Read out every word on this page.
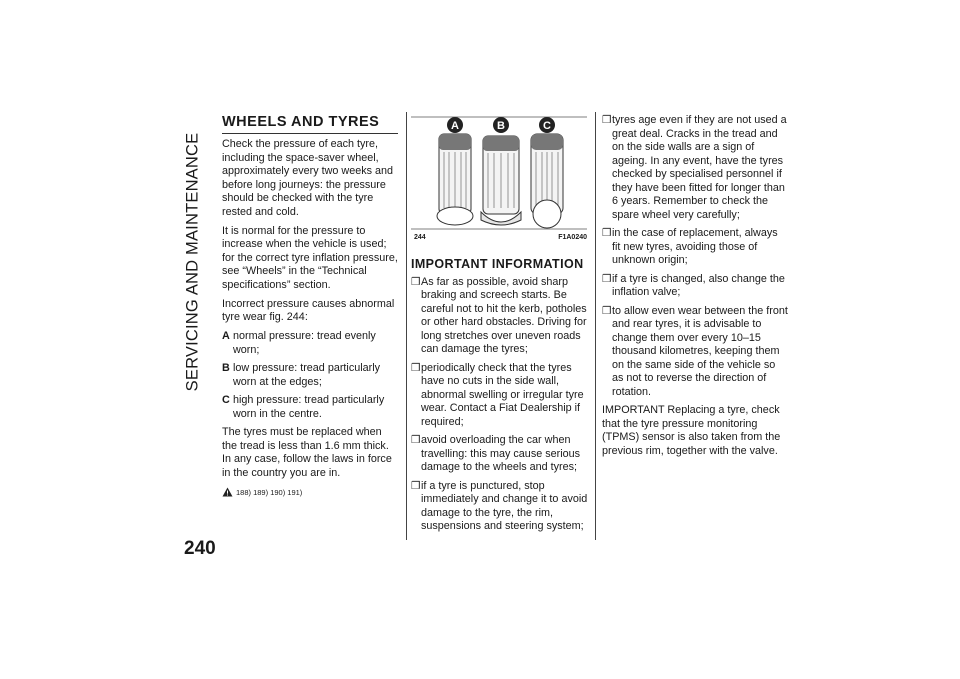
SERVICING AND MAINTENANCE
240
WHEELS AND TYRES

Check the pressure of each tyre, including the space-saver wheel, approximately every two weeks and before long journeys: the pressure should be checked with the tyre rested and cold.

It is normal for the pressure to increase when the vehicle is used; for the correct tyre inflation pressure, see “Wheels” in the “Technical specifications” section.

Incorrect pressure causes abnormal tyre wear fig. 244:

A normal pressure: tread evenly worn;
B low pressure: tread particularly worn at the edges;
C high pressure: tread particularly worn in the centre.

The tyres must be replaced when the tread is less than 1.6 mm thick. In any case, follow the laws in force in the country you are in.

188) 189) 190) 191)
A	B	C
244	F1A0240
IMPORTANT INFORMATION
❒ As far as possible, avoid sharp braking and screech starts. Be careful not to hit the kerb, potholes or other hard obstacles. Driving for long stretches over uneven roads can damage the tyres;
❒ periodically check that the tyres have no cuts in the side wall, abnormal swelling or irregular tyre wear. Contact a Fiat Dealership if required;
❒ avoid overloading the car when travelling: this may cause serious damage to the wheels and tyres;
❒ if a tyre is punctured, stop immediately and change it to avoid damage to the tyre, the rim, suspensions and steering system;
❒ tyres age even if they are not used a great deal. Cracks in the tread and on the side walls are a sign of ageing. In any event, have the tyres checked by specialised personnel if they have been fitted for longer than 6 years. Remember to check the spare wheel very carefully;
❒ in the case of replacement, always fit new tyres, avoiding those of unknown origin;
❒ if a tyre is changed, also change the inflation valve;
❒ to allow even wear between the front and rear tyres, it is advisable to change them over every 10–15 thousand kilometres, keeping them on the same side of the vehicle so as not to reverse the direction of rotation.

IMPORTANT Replacing a tyre, check that the tyre pressure monitoring (TPMS) sensor is also taken from the previous rim, together with the valve.
